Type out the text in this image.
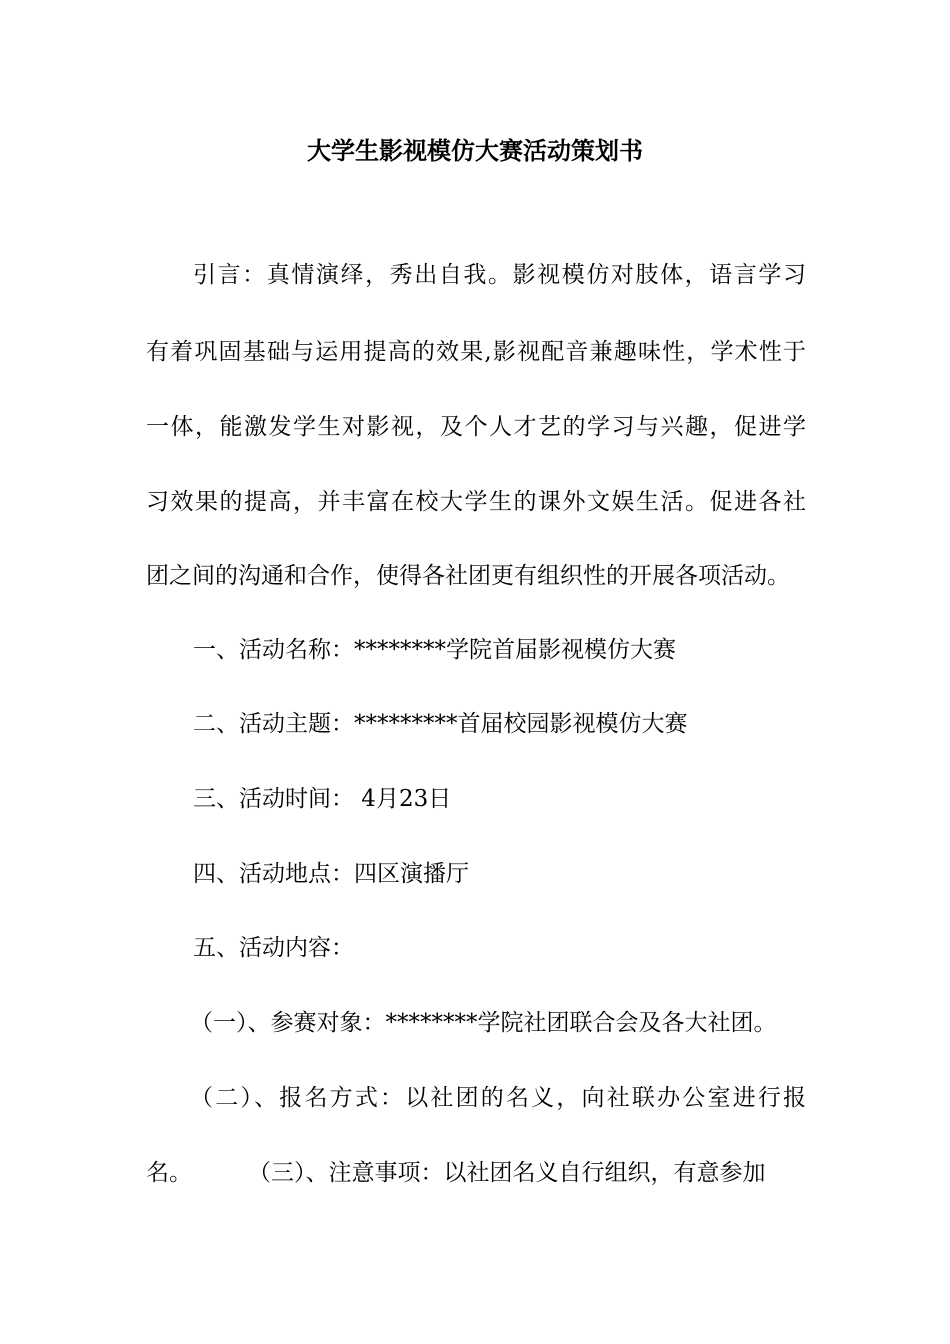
大学生影视模仿大赛活动策划书

引言：真情演绎，秀出自我。影视模仿对肢体，语言学习

有着巩固基础与运用提高的效果,影视配音兼趣味性，学术性于

一体，能激发学生对影视，及个人才艺的学习与兴趣，促进学

习效果的提高，并丰富在校大学生的课外文娱生活。促进各社

团之间的沟通和合作，使得各社团更有组织性的开展各项活动。

一、活动名称：********学院首届影视模仿大赛

二、活动主题：*********首届校园影视模仿大赛

三、活动时间： 4月23日

四、活动地点：四区演播厅

五、活动内容：

（一）、参赛对象：********学院社团联合会及各大社团。

（二）、报名方式：以社团的名义，向社联办公室进行报

名。 （三）、注意事项：以社团名义自行组织，有意参加
